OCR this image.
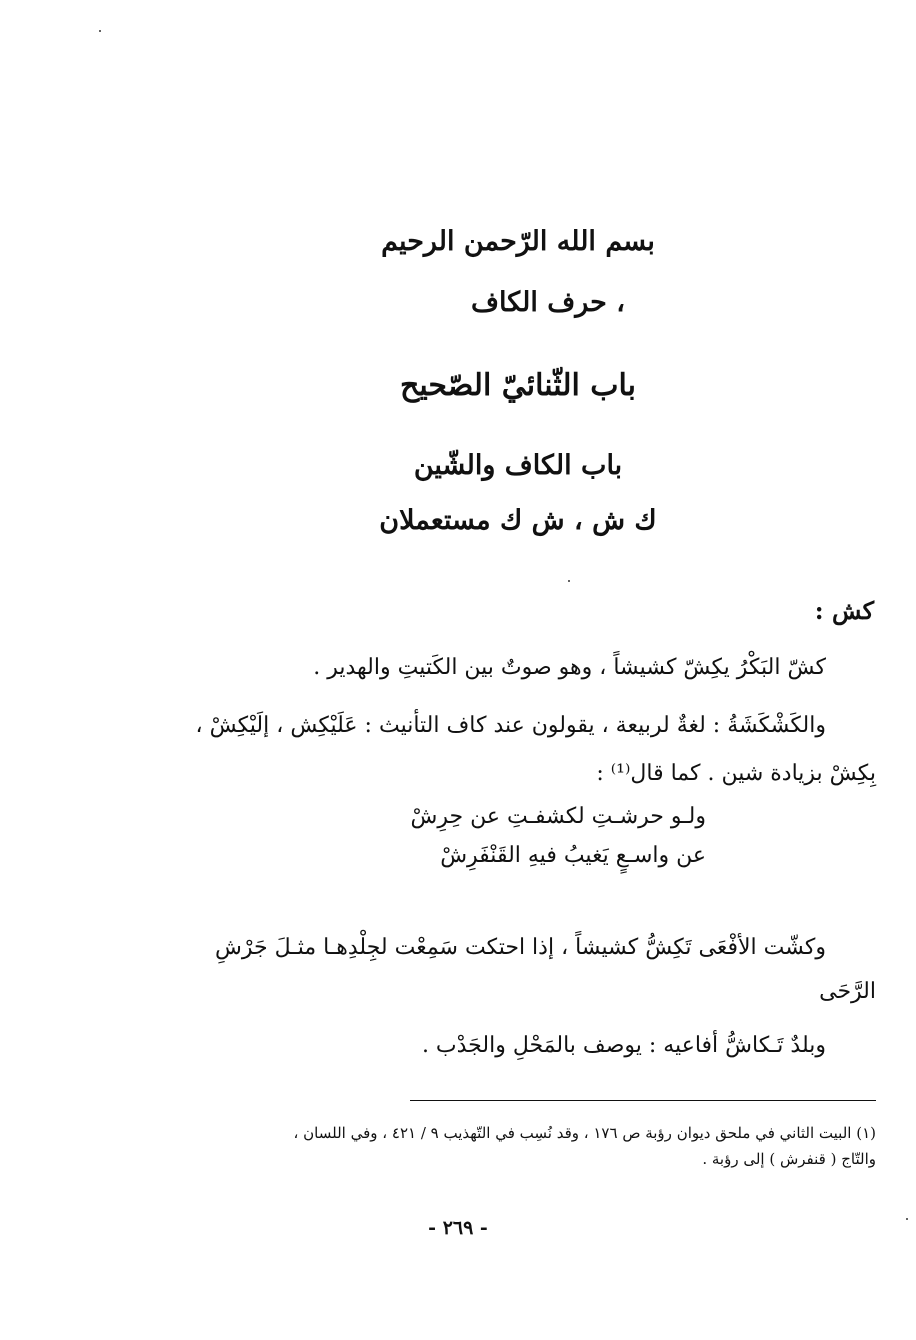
بسم الله الرّحمن الرحيم
، حرف الكاف
باب الثّنائيّ الصّحيح
باب الكاف والشّين
ك ش ، ش ك مستعملان
كش :
كشّ البَكْرُ يكِشّ كشيشاً ، وهو صوتٌ بين الكَتيتِ والهدير .
والكَشْكَشَةُ : لغةٌ لربيعة ، يقولون عند كاف التأنيث : عَلَيْكِش ، إلَيْكِشْ ،
بِكِشْ بزيادة شين . كما قال⁽¹⁾ :
ولـو حرشـتِ لكشفـتِ عن حِرِشْ
عن واسـعٍ يَغيبُ فيهِ القَنْفَرِشْ
وكشّت الأفْعَى تَكِشُّ كشيشاً ، إذا احتكت سَمِعْت لجِلْدِهـا مثـلَ جَرْشِ
الرَّحَى
وبلدٌ تَـكاشُّ أفاعيه : يوصف بالمَحْلِ والجَدْب .
(١) البيت الثاني في ملحق ديوان رؤبة ص ١٧٦ ، وقد نُسِب في التّهذيب ٩ / ٤٢١ ، وفي اللسان ،
والتّاج ( قنفرش ) إلى رؤبة .
- ٢٦٩ -
